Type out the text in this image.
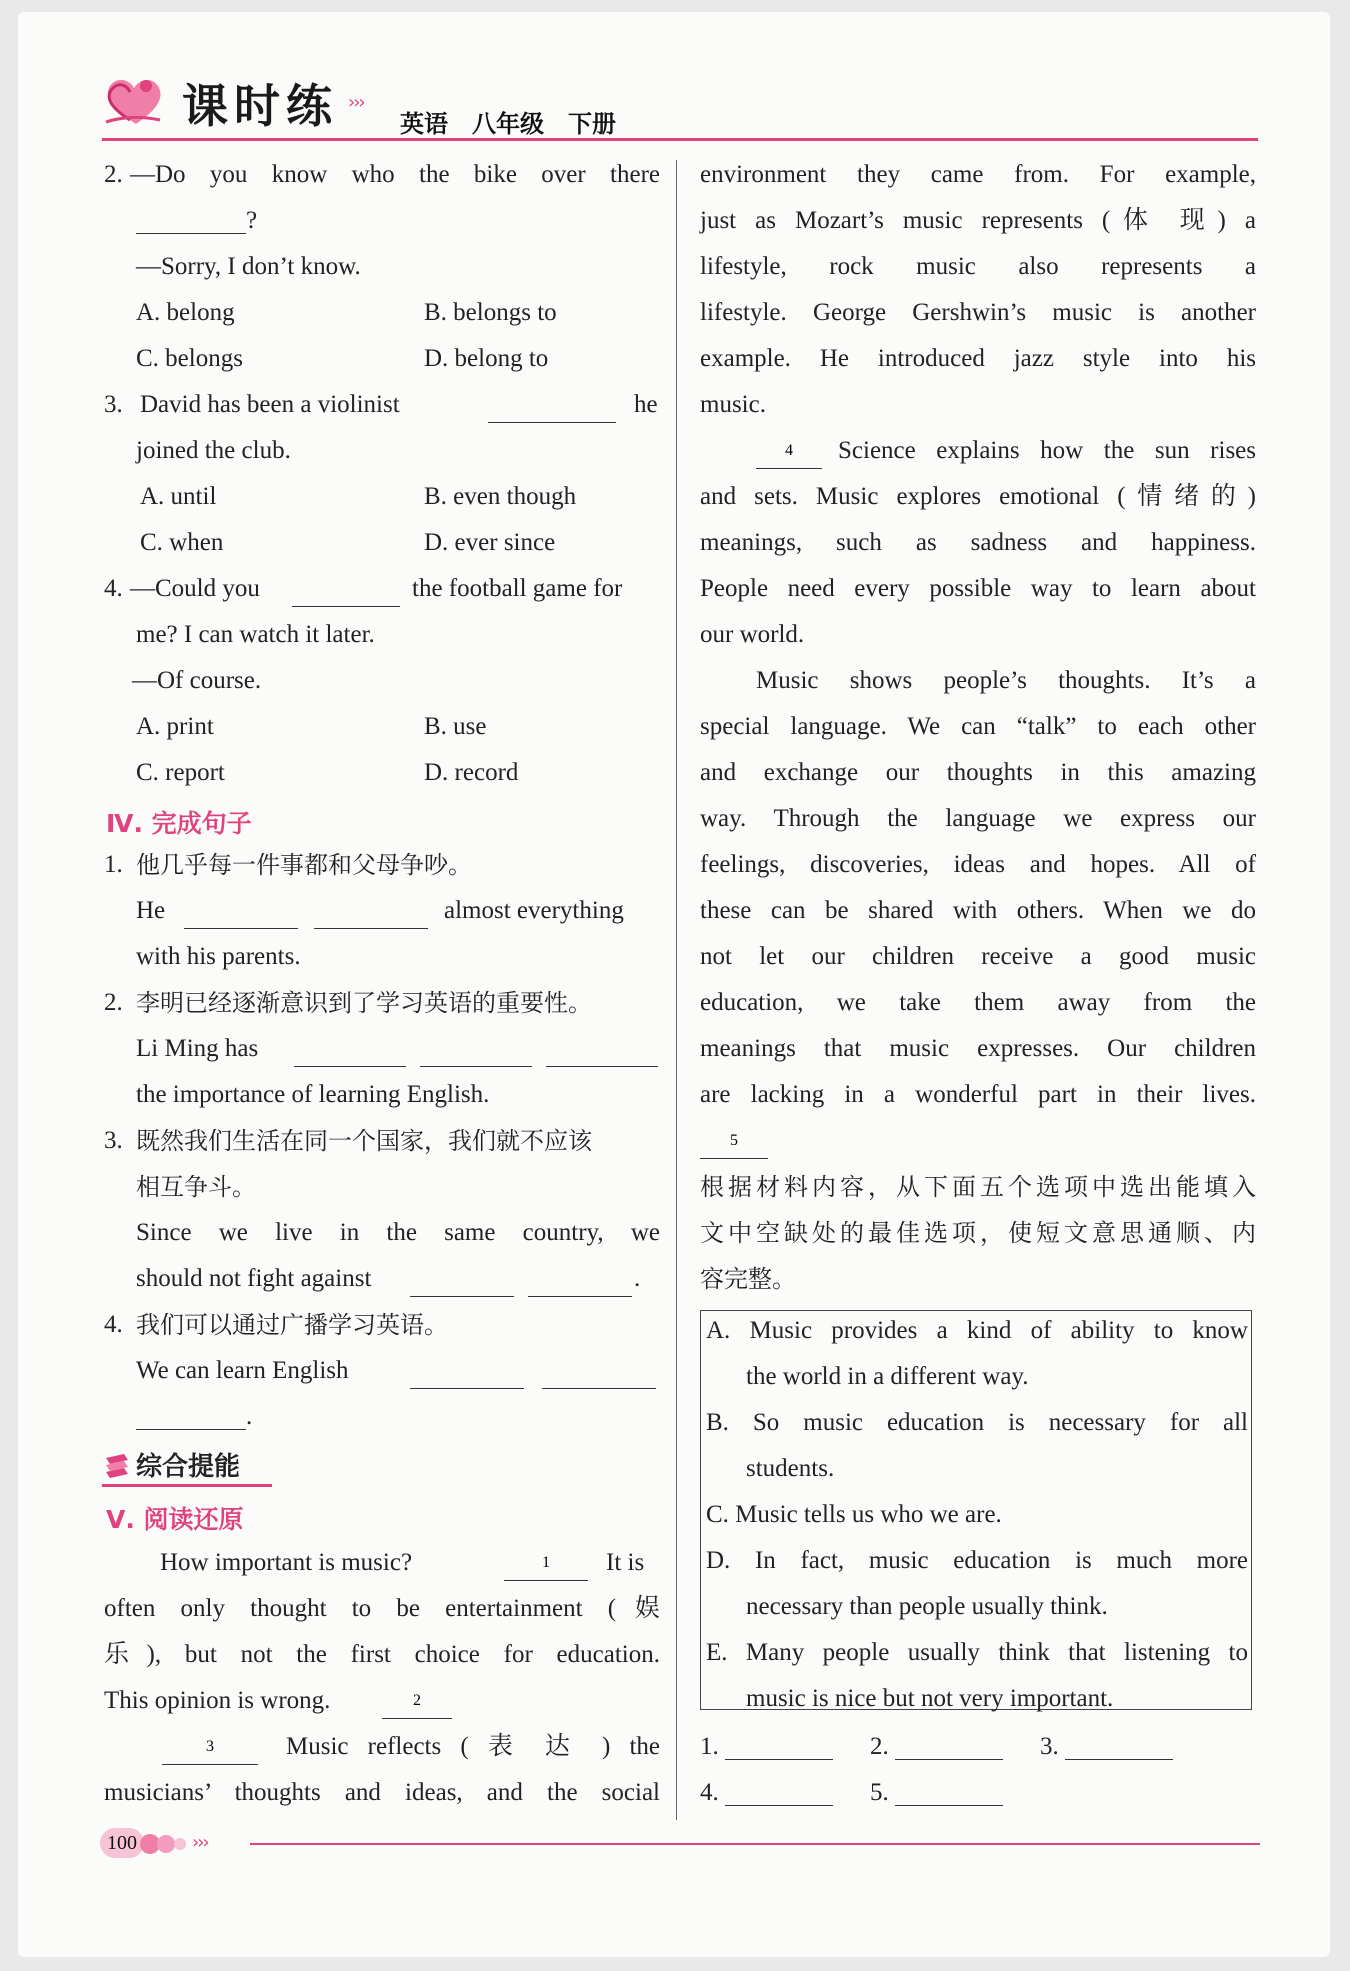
课时练 ›››
英语 八年级 下册
2. —Do you know who the bike over there
?
—Sorry, I don’t know.
A. belong	B. belongs to
C. belongs	D. belong to
3. David has been a violinist	he
joined the club.
A. until	B. even though
C. when	D. ever since
4. —Could you	the football game for
me? I can watch it later.
—Of course.
A. print	B. use
C. report	D. record
Ⅳ. 完成句子
1. 他几乎每一件事都和父母争吵。
He	almost everything
with his parents.
2. 李明已经逐渐意识到了学习英语的重要性。
Li Ming has
the importance of learning English.
3. 既然我们生活在同一个国家，我们就不应该
相互争斗。
Since we live in the same country, we
should not fight against	.
4. 我们可以通过广播学习英语。
We can learn English
.
综合提能
Ⅴ. 阅读还原
How important is music?	1	It is
often only thought to be entertainment (娱
乐), but not the first choice for education.
This opinion is wrong.	2
3	Music reflects ( 表 达 ) the
musicians’ thoughts and ideas, and the social
environment they came from. For example,
just as Mozart’s music represents (体 现) a
lifestyle, rock music also represents a
lifestyle. George Gershwin’s music is another
example. He introduced jazz style into his
music.
4	Science explains how the sun rises
and sets. Music explores emotional (情绪的)
meanings, such as sadness and happiness.
People need every possible way to learn about
our world.
Music shows people’s thoughts. It’s a
special language. We can “talk” to each other
and exchange our thoughts in this amazing
way. Through the language we express our
feelings, discoveries, ideas and hopes. All of
these can be shared with others. When we do
not let our children receive a good music
education, we take them away from the
meanings that music expresses. Our children
are lacking in a wonderful part in their lives.
5
根据材料内容，从下面五个选项中选出能填入
文中空缺处的最佳选项，使短文意思通顺、内
容完整。
A. Music provides a kind of ability to know
the world in a different way.
B. So music education is necessary for all
students.
C. Music tells us who we are.
D. In fact, music education is much more
necessary than people usually think.
E. Many people usually think that listening to
music is nice but not very important.
1.	2.	3.
4.	5.
100	›››
